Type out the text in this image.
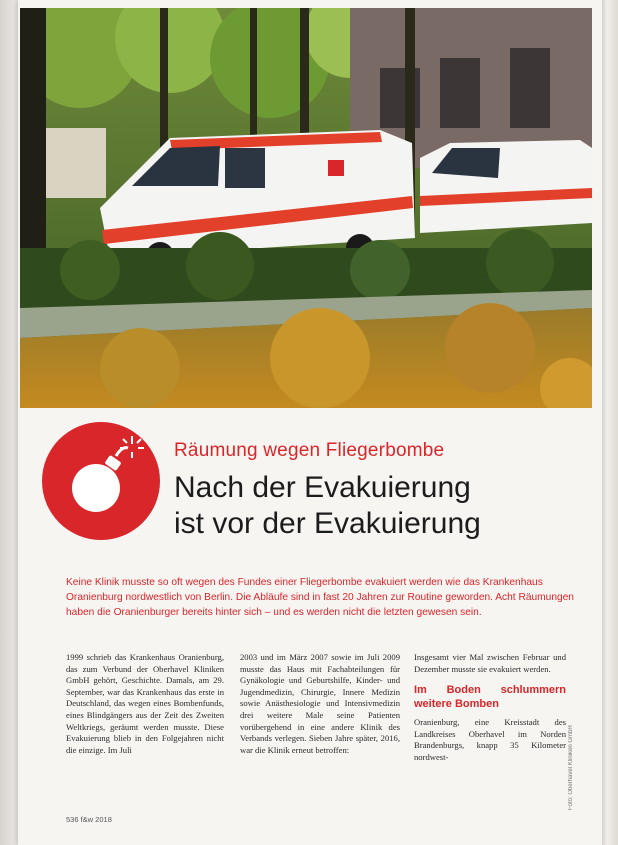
Räumung wegen Fliegerbombe
Nach der Evakuierung
ist vor der Evakuierung
Keine Klinik musste so oft wegen des Fundes einer Fliegerbombe evakuiert werden wie das Krankenhaus Oranienburg nordwestlich von Berlin. Die Abläufe sind in fast 20 Jahren zur Routine geworden. Acht Räumungen haben die Oranienburger bereits hinter sich – und es werden nicht die letzten gewesen sein.
1999 schrieb das Krankenhaus Oranienburg, das zum Verbund der Oberhavel Kliniken GmbH gehört, Geschichte. Damals, am 29. September, war das Krankenhaus das erste in Deutschland, das wegen eines Bombenfunds, eines Blindgängers aus der Zeit des Zweiten Weltkriegs, geräumt werden musste. Diese Evakuierung blieb in den Folgejahren nicht die einzige. Im Juli
2003 und im März 2007 sowie im Juli 2009 musste das Haus mit Fachabteilungen für Gynäkologie und Geburtshilfe, Kinder- und Jugendmedizin, Chirurgie, Innere Medizin sowie Anästhesiologie und Intensivmedizin drei weitere Male seine Patienten vorübergehend in eine andere Klinik des Verbands verlegen. Sieben Jahre später, 2016, war die Klinik erneut betroffen:
Insgesamt vier Mal zwischen Februar und Dezember musste sie evakuiert werden.
Im Boden schlummern weitere Bomben
Oranienburg, eine Kreisstadt des Landkreises Oberhavel im Norden Brandenburgs, knapp 35 Kilometer nordwest-	Foto: Oberhavel Kliniken GmbH
536 f&w 2018
